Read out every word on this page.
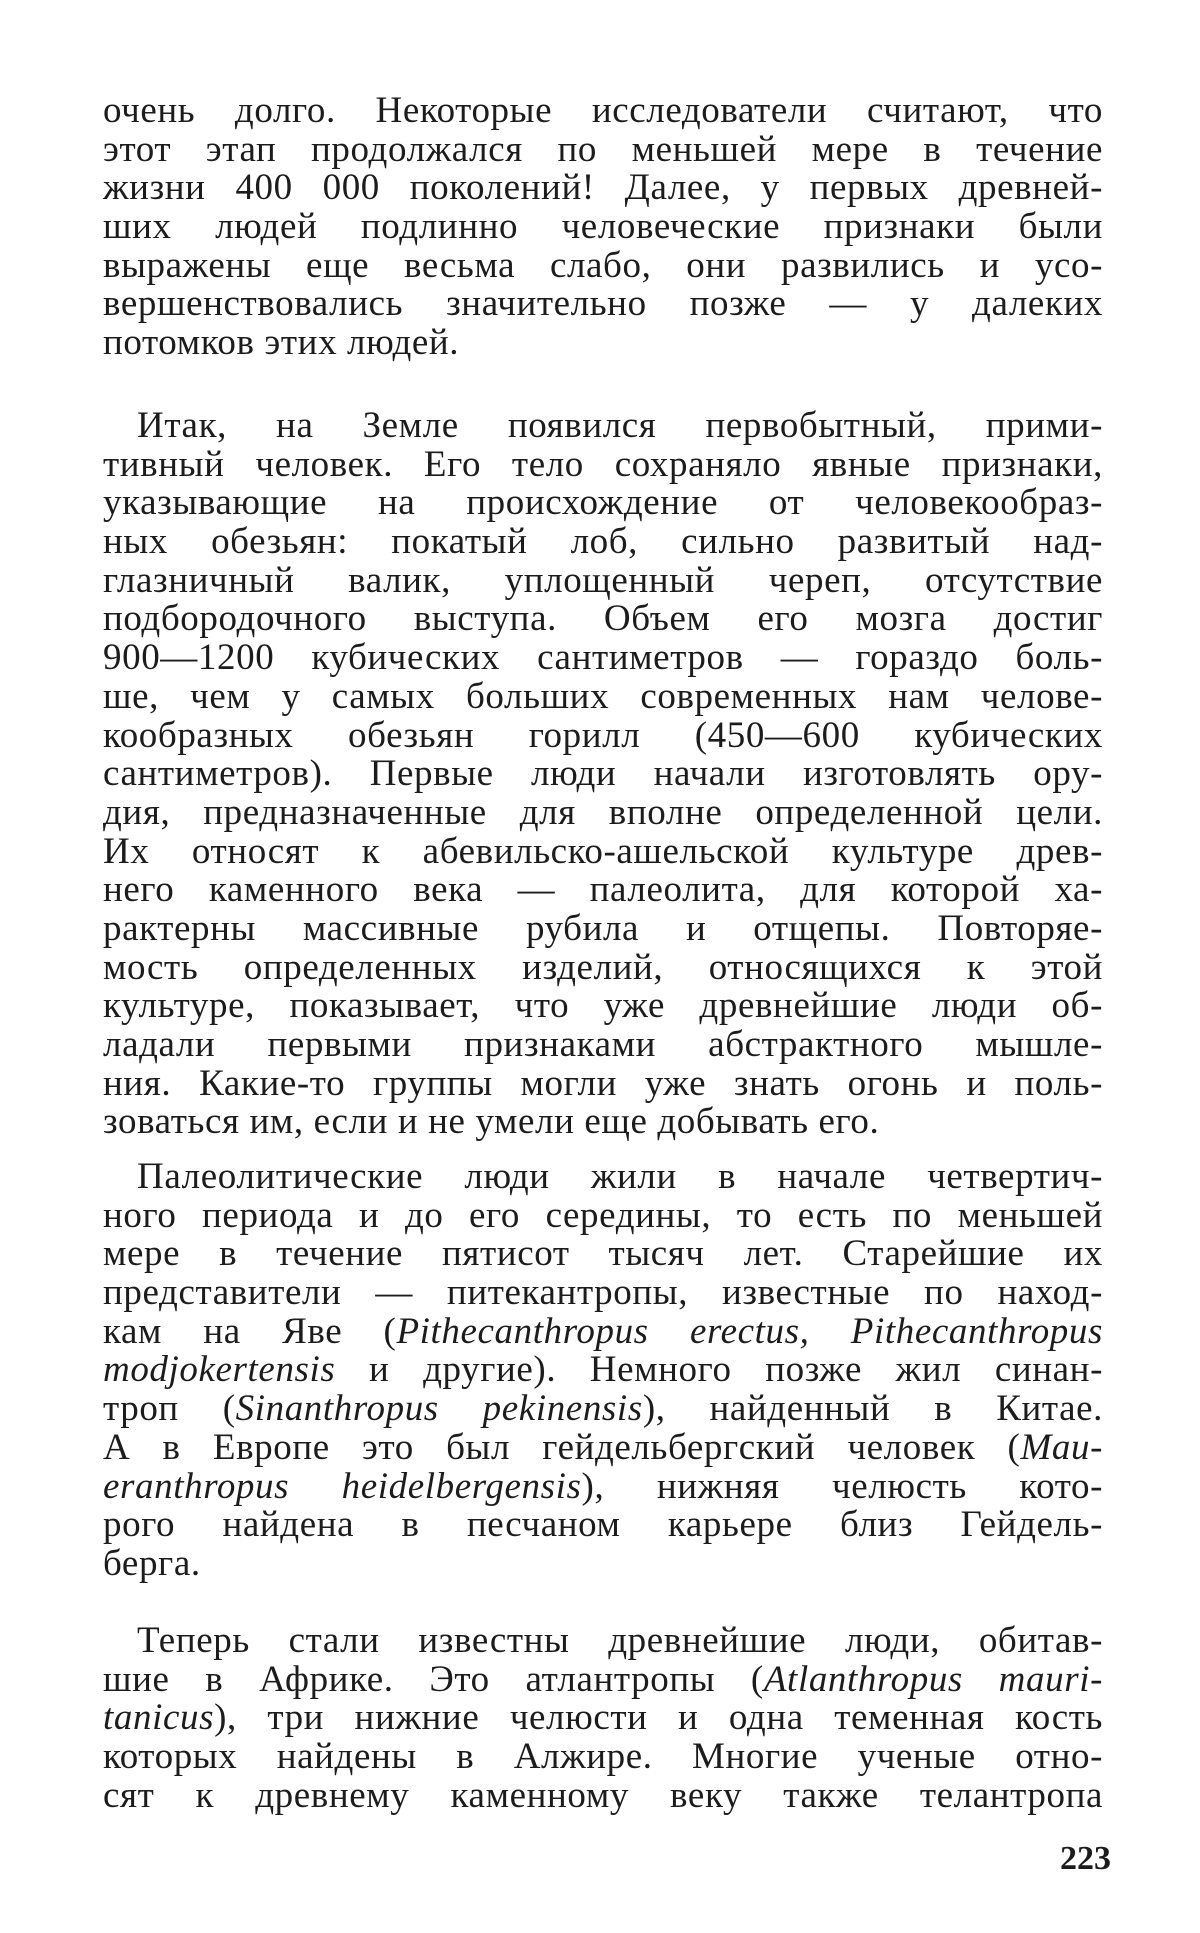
очень долго. Некоторые исследователи считают, что
этот этап продолжался по меньшей мере в течение
жизни 400 000 поколений! Далее, у первых древней-
ших людей подлинно человеческие признаки были
выражены еще весьма слабо, они развились и усо-
вершенствовались значительно позже — у далеких
потомков этих людей.
Итак, на Земле появился первобытный, прими-
тивный человек. Его тело сохраняло явные признаки,
указывающие на происхождение от человекообраз-
ных обезьян: покатый лоб, сильно развитый над-
глазничный валик, уплощенный череп, отсутствие
подбородочного выступа. Объем его мозга достиг
900—1200 кубических сантиметров — гораздо боль-
ше, чем у самых больших современных нам челове-
кообразных обезьян горилл (450—600 кубических
сантиметров). Первые люди начали изготовлять ору-
дия, предназначенные для вполне определенной цели.
Их относят к абевильско-ашельской культуре древ-
него каменного века — палеолита, для которой ха-
рактерны массивные рубила и отщепы. Повторяе-
мость определенных изделий, относящихся к этой
культуре, показывает, что уже древнейшие люди об-
ладали первыми признаками абстрактного мышле-
ния. Какие-то группы могли уже знать огонь и поль-
зоваться им, если и не умели еще добывать его.
Палеолитические люди жили в начале четвертич-
ного периода и до его середины, то есть по меньшей
мере в течение пятисот тысяч лет. Старейшие их
представители — питекантропы, известные по наход-
кам на Яве (Pithecanthropus erectus, Pithecanthropus
modjokertensis и другие). Немного позже жил синан-
троп (Sinanthropus pekinensis), найденный в Китае.
А в Европе это был гейдельбергский человек (Mau-
eranthropus heidelbergensis), нижняя челюсть кото-
рого найдена в песчаном карьере близ Гейдель-
берга.
Теперь стали известны древнейшие люди, обитав-
шие в Африке. Это атлантропы (Atlanthropus mauri-
tanicus), три нижние челюсти и одна теменная кость
которых найдены в Алжире. Многие ученые отно-
сят к древнему каменному веку также телантропа
223
